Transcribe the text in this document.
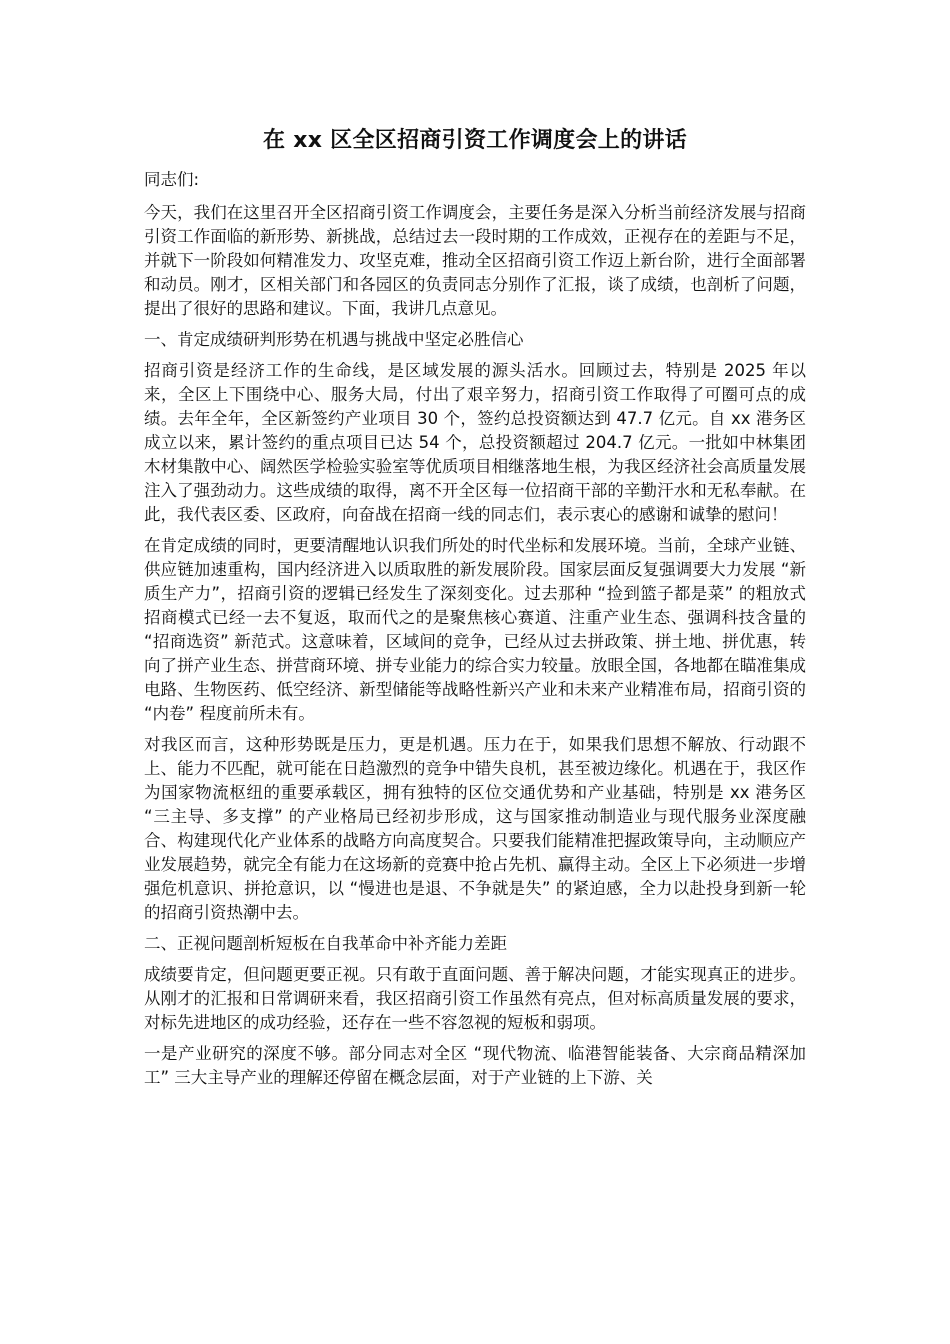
在 xx 区全区招商引资工作调度会上的讲话
同志们:
今天，我们在这里召开全区招商引资工作调度会，主要任务是深入分析当前经济发展与招商引资工作面临的新形势、新挑战，总结过去一段时期的工作成效，正视存在的差距与不足，并就下一阶段如何精准发力、攻坚克难，推动全区招商引资工作迈上新台阶，进行全面部署和动员。刚才，区相关部门和各园区的负责同志分别作了汇报，谈了成绩，也剖析了问题，提出了很好的思路和建议。下面，我讲几点意见。
一、肯定成绩研判形势在机遇与挑战中坚定必胜信心
招商引资是经济工作的生命线，是区域发展的源头活水。回顾过去，特别是 2025 年以来，全区上下围绕中心、服务大局，付出了艰辛努力，招商引资工作取得了可圈可点的成绩。去年全年，全区新签约产业项目 30 个，签约总投资额达到 47.7 亿元。自 xx 港务区成立以来，累计签约的重点项目已达 54 个，总投资额超过 204.7 亿元。一批如中林集团木材集散中心、阔然医学检验实验室等优质项目相继落地生根，为我区经济社会高质量发展注入了强劲动力。这些成绩的取得，离不开全区每一位招商干部的辛勤汗水和无私奉献。在此，我代表区委、区政府，向奋战在招商一线的同志们，表示衷心的感谢和诚挚的慰问！
在肯定成绩的同时，更要清醒地认识我们所处的时代坐标和发展环境。当前，全球产业链、供应链加速重构，国内经济进入以质取胜的新发展阶段。国家层面反复强调要大力发展 “新质生产力”，招商引资的逻辑已经发生了深刻变化。过去那种 “捡到篮子都是菜” 的粗放式招商模式已经一去不复返，取而代之的是聚焦核心赛道、注重产业生态、强调科技含量的 “招商选资” 新范式。这意味着，区域间的竞争，已经从过去拼政策、拼土地、拼优惠，转向了拼产业生态、拼营商环境、拼专业能力的综合实力较量。放眼全国，各地都在瞄准集成电路、生物医药、低空经济、新型储能等战略性新兴产业和未来产业精准布局，招商引资的 “内卷” 程度前所未有。
对我区而言，这种形势既是压力，更是机遇。压力在于，如果我们思想不解放、行动跟不上、能力不匹配，就可能在日趋激烈的竞争中错失良机，甚至被边缘化。机遇在于，我区作为国家物流枢纽的重要承载区，拥有独特的区位交通优势和产业基础，特别是 xx 港务区 “三主导、多支撑” 的产业格局已经初步形成，这与国家推动制造业与现代服务业深度融合、构建现代化产业体系的战略方向高度契合。只要我们能精准把握政策导向，主动顺应产业发展趋势，就完全有能力在这场新的竞赛中抢占先机、赢得主动。全区上下必须进一步增强危机意识、拼抢意识，以 “慢进也是退、不争就是失” 的紧迫感，全力以赴投身到新一轮的招商引资热潮中去。
二、正视问题剖析短板在自我革命中补齐能力差距
成绩要肯定，但问题更要正视。只有敢于直面问题、善于解决问题，才能实现真正的进步。从刚才的汇报和日常调研来看，我区招商引资工作虽然有亮点，但对标高质量发展的要求，对标先进地区的成功经验，还存在一些不容忽视的短板和弱项。
一是产业研究的深度不够。部分同志对全区 “现代物流、临港智能装备、大宗商品精深加工” 三大主导产业的理解还停留在概念层面，对于产业链的上下游、关
